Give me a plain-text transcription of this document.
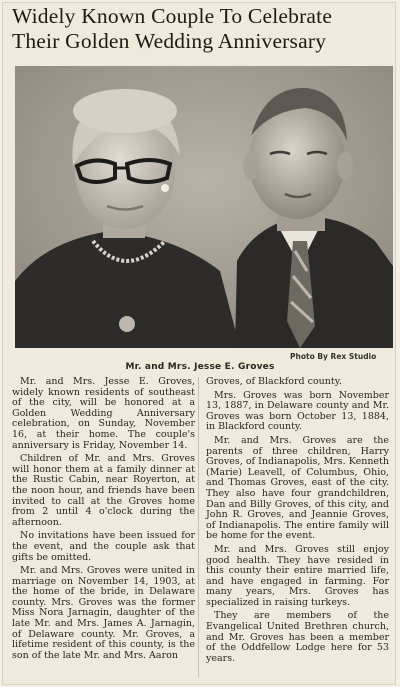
Widely Known Couple To Celebrate
Their Golden Wedding Anniversary
Photo By Rex Studio
Mr. and Mrs. Jesse E. Groves

Mr. and Mrs. Jesse E. Groves, widely known residents of southeast of the city, will be honored at a Golden Wedding Anniversary celebration, on Sunday, November 16, at their home. The couple's anniversary is Friday, November 14.

Children of Mr. and Mrs. Groves will honor them at a family dinner at the Rustic Cabin, near Royerton, at the noon hour, and friends have been invited to call at the Groves home from 2 until 4 o'clock during the afternoon.

No invitations have been issued for the event, and the couple ask that gifts be omitted.

Mr. and Mrs. Groves were united in marriage on November 14, 1903, at the home of the bride, in Delaware county. Mrs. Groves was the former Miss Nora Jarnagin, daughter of the late Mr. and Mrs. James A. Jarnagin, of Delaware county. Mr. Groves, a lifetime resident of this county, is the son of the late Mr. and Mrs. Aaron

Groves, of Blackford county.

Mrs. Groves was born November 13, 1887, in Delaware county and Mr. Groves was born October 13, 1884, in Blackford county.

Mr. and Mrs. Groves are the parents of three children, Harry Groves, of Indianapolis, Mrs. Kenneth (Marie) Leavell, of Columbus, Ohio, and Thomas Groves, east of the city. They also have four grandchildren, Dan and Billy Groves, of this city, and John R. Groves, and Jeannie Groves, of Indianapolis. The entire family will be home for the event.

Mr. and Mrs. Groves still enjoy good health. They have resided in this county their entire married life, and have engaged in farming. For many years, Mrs. Groves has specialized in raising turkeys.

They are members of the Evangelical United Brethren church, and Mr. Groves has been a member of the Oddfellow Lodge here for 53 years.
